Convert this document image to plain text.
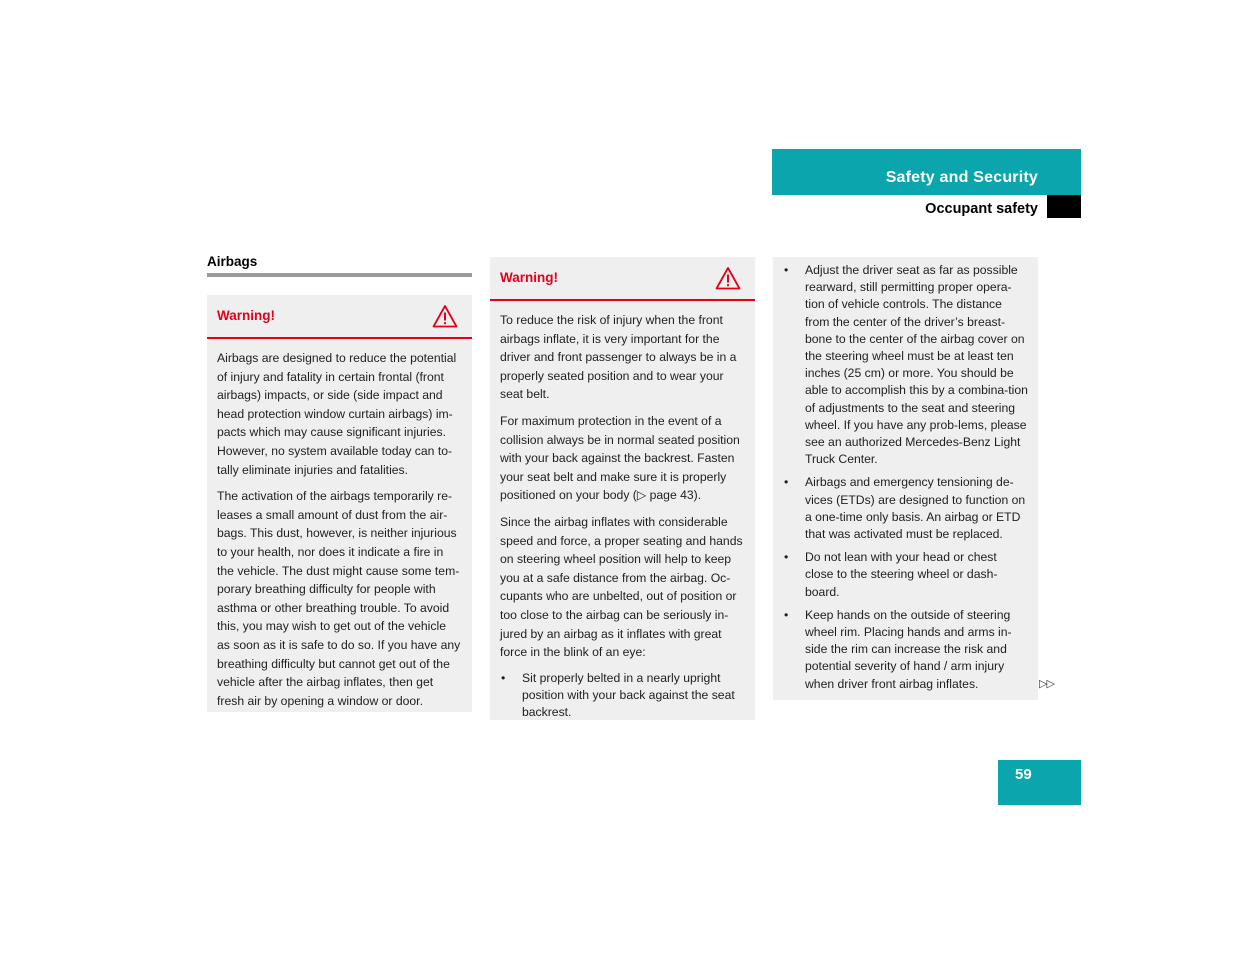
Safety and Security
Occupant safety
Airbags
Warning!

Airbags are designed to reduce the potential of injury and fatality in certain frontal (front airbags) impacts, or side (side impact and head protection window curtain airbags) im-pacts which may cause significant injuries. However, no system available today can to-tally eliminate injuries and fatalities.

The activation of the airbags temporarily re-leases a small amount of dust from the air-bags. This dust, however, is neither injurious to your health, nor does it indicate a fire in the vehicle. The dust might cause some tem-porary breathing difficulty for people with asthma or other breathing trouble. To avoid this, you may wish to get out of the vehicle as soon as it is safe to do so. If you have any breathing difficulty but cannot get out of the vehicle after the airbag inflates, then get fresh air by opening a window or door.

Warning!

To reduce the risk of injury when the front airbags inflate, it is very important for the driver and front passenger to always be in a properly seated position and to wear your seat belt.

For maximum protection in the event of a collision always be in normal seated position with your back against the backrest. Fasten your seat belt and make sure it is properly positioned on your body (▷ page 43).

Since the airbag inflates with considerable speed and force, a proper seating and hands on steering wheel position will help to keep you at a safe distance from the airbag. Oc-cupants who are unbelted, out of position or too close to the airbag can be seriously in-jured by an airbag as it inflates with great force in the blink of an eye:

• Sit properly belted in a nearly upright position with your back against the seat backrest.
• Adjust the driver seat as far as possible rearward, still permitting proper opera-tion of vehicle controls. The distance from the center of the driver’s breast-bone to the center of the airbag cover on the steering wheel must be at least ten inches (25 cm) or more. You should be able to accomplish this by a combina-tion of adjustments to the seat and steering wheel. If you have any prob-lems, please see an authorized Mercedes-Benz Light Truck Center.
• Airbags and emergency tensioning de-vices (ETDs) are designed to function on a one-time only basis. An airbag or ETD that was activated must be replaced.
• Do not lean with your head or chest close to the steering wheel or dash-board.
• Keep hands on the outside of steering wheel rim. Placing hands and arms in-side the rim can increase the risk and potential severity of hand / arm injury when driver front airbag inflates.	▷▷
59
